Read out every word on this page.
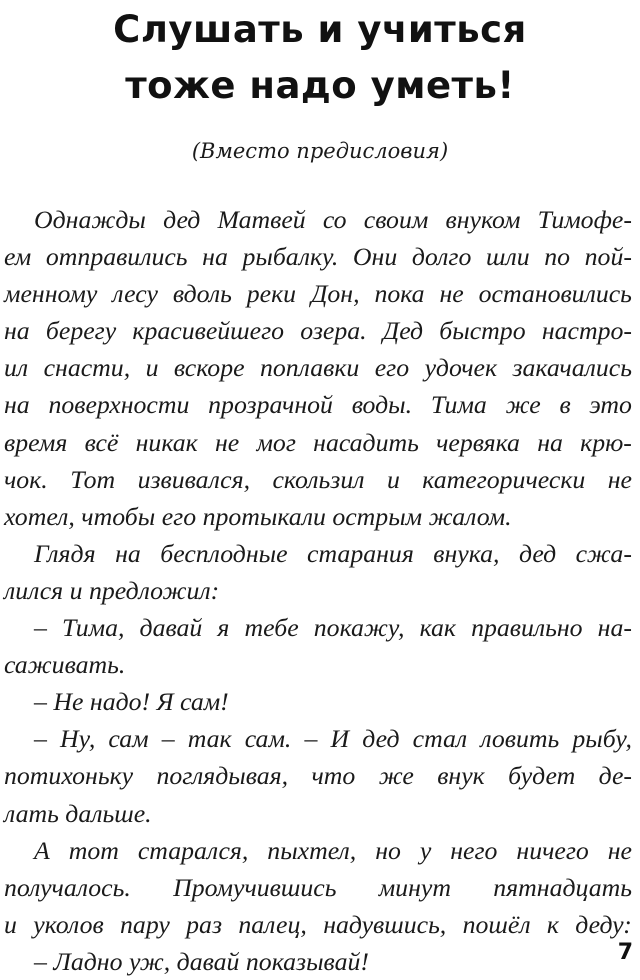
Слушать и учиться
тоже надо уметь!
(Вместо предисловия)
Однажды дед Матвей со своим внуком Тимофе-
ем отправились на рыбалку. Они долго шли по пой-
менному лесу вдоль реки Дон, пока не остановились
на берегу красивейшего озера. Дед быстро настро-
ил снасти, и вскоре поплавки его удочек закачались
на поверхности прозрачной воды. Тима же в это
время всё никак не мог насадить червяка на крю-
чок. Тот извивался, скользил и категорически не
хотел, чтобы его протыкали острым жалом.
Глядя на бесплодные старания внука, дед сжа-
лился и предложил:
– Тима, давай я тебе покажу, как правильно на-
саживать.
– Не надо! Я сам!
– Ну, сам – так сам. – И дед стал ловить рыбу,
потихоньку поглядывая, что же внук будет де-
лать дальше.
А тот старался, пыхтел, но у него ничего не
получалось. Промучившись минут пятнадцать
и уколов пару раз палец, надувшись, пошёл к деду:
– Ладно уж, давай показывай!	7
